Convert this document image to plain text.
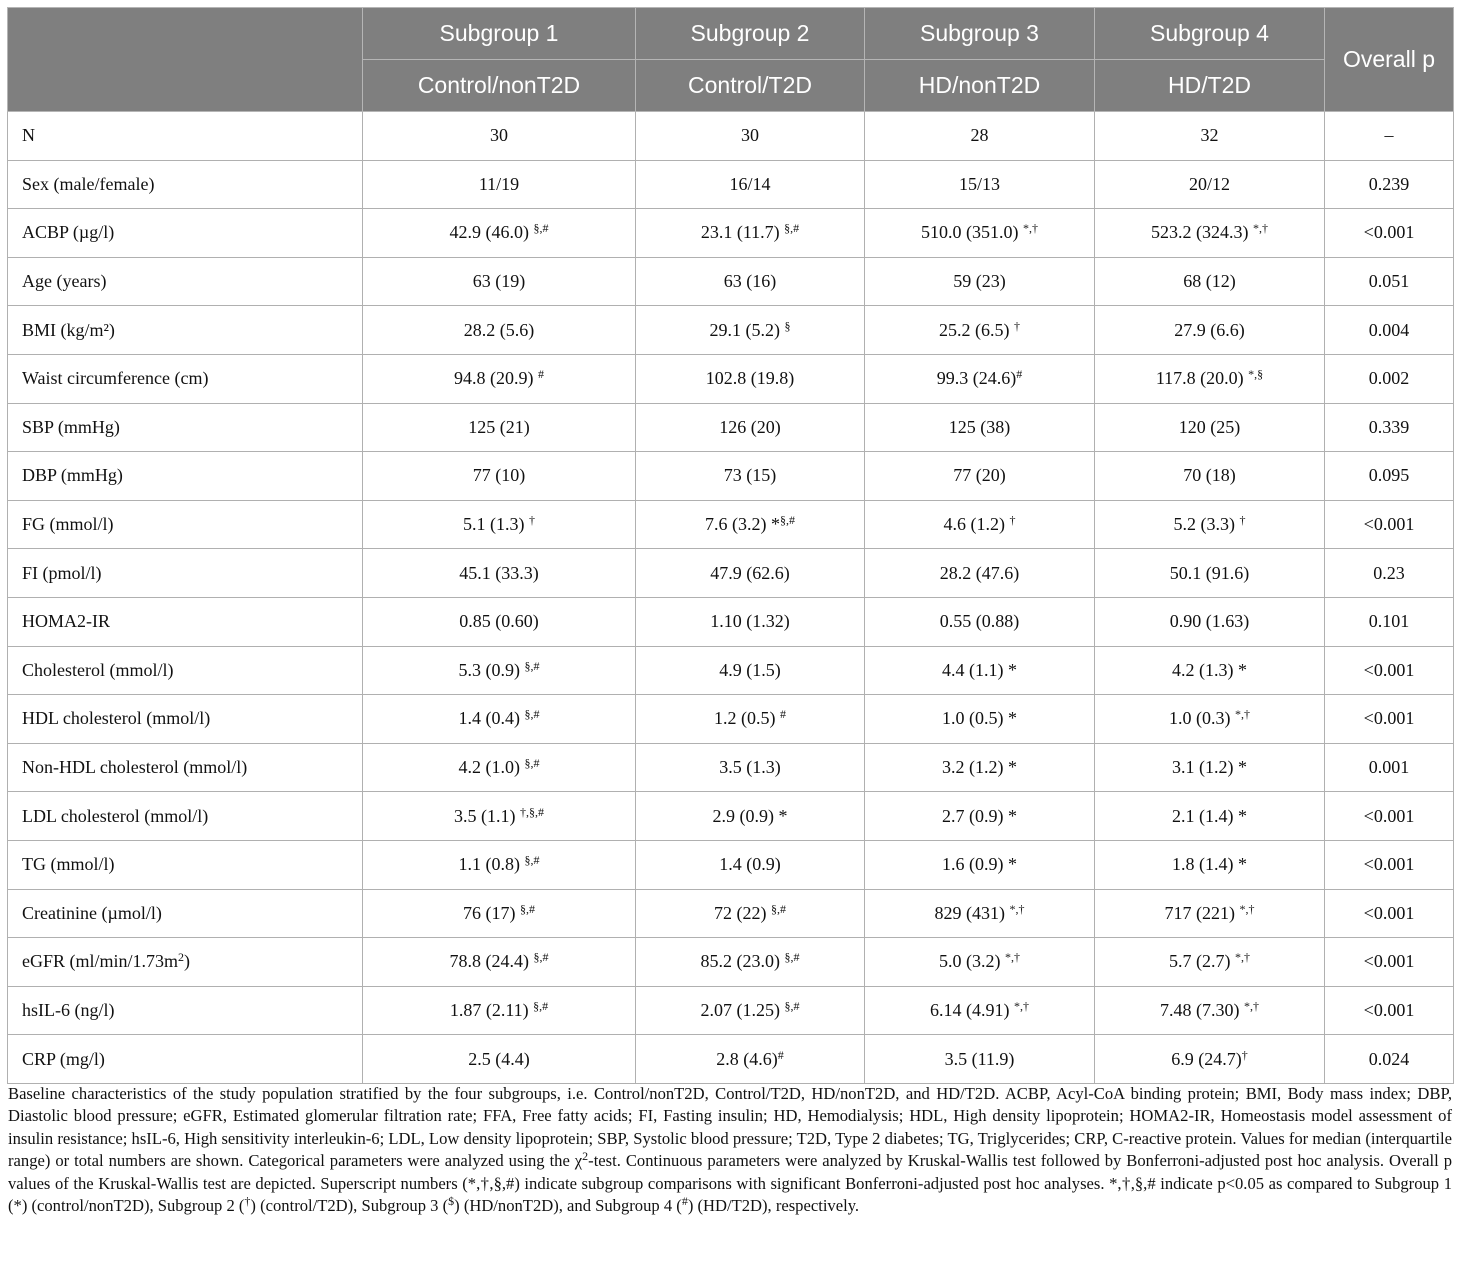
	Subgroup 1	Subgroup 2	Subgroup 3	Subgroup 4	Overall p
	Control/nonT2D	Control/T2D	HD/nonT2D	HD/T2D	
N	30	30	28	32	–
Sex (male/female)	11/19	16/14	15/13	20/12	0.239
ACBP (µg/l)	42.9 (46.0) §,#	23.1 (11.7) §,#	510.0 (351.0) *,†	523.2 (324.3) *,†	<0.001
Age (years)	63 (19)	63 (16)	59 (23)	68 (12)	0.051
BMI (kg/m²)	28.2 (5.6)	29.1 (5.2) §	25.2 (6.5) †	27.9 (6.6)	0.004
Waist circumference (cm)	94.8 (20.9) #	102.8 (19.8)	99.3 (24.6)#	117.8 (20.0) *,§	0.002
SBP (mmHg)	125 (21)	126 (20)	125 (38)	120 (25)	0.339
DBP (mmHg)	77 (10)	73 (15)	77 (20)	70 (18)	0.095
FG (mmol/l)	5.1 (1.3) †	7.6 (3.2) *§,#	4.6 (1.2) †	5.2 (3.3) †	<0.001
FI (pmol/l)	45.1 (33.3)	47.9 (62.6)	28.2 (47.6)	50.1 (91.6)	0.23
HOMA2-IR	0.85 (0.60)	1.10 (1.32)	0.55 (0.88)	0.90 (1.63)	0.101
Cholesterol (mmol/l)	5.3 (0.9) §,#	4.9 (1.5)	4.4 (1.1) *	4.2 (1.3) *	<0.001
HDL cholesterol (mmol/l)	1.4 (0.4) §,#	1.2 (0.5) #	1.0 (0.5) *	1.0 (0.3) *,†	<0.001
Non-HDL cholesterol (mmol/l)	4.2 (1.0) §,#	3.5 (1.3)	3.2 (1.2) *	3.1 (1.2) *	0.001
LDL cholesterol (mmol/l)	3.5 (1.1) †,§,#	2.9 (0.9) *	2.7 (0.9) *	2.1 (1.4) *	<0.001
TG (mmol/l)	1.1 (0.8) §,#	1.4 (0.9)	1.6 (0.9) *	1.8 (1.4) *	<0.001
Creatinine (µmol/l)	76 (17) §,#	72 (22) §,#	829 (431) *,†	717 (221) *,†	<0.001
eGFR $(ml/\min/1.73m^2)$	78.8 (24.4) §,#	85.2 (23.0) §,#	5.0 (3.2) *,†	5.7 (2.7) *,†	<0.001
hsIL-6 (ng/l)	1.87 (2.11) §,#	2.07 (1.25) §,#	6.14 (4.91) *,†	7.48 (7.30) *,†	<0.001
CRP (mg/l)	2.5 (4.4)	2.8 (4.6)#	3.5 (11.9)	6.9 (24.7)†	0.024
Baseline characteristics of the study population stratified by the four subgroups, i.e. Control/nonT2D, Control/T2D, HD/nonT2D, and HD/T2D. ACBP, Acyl-CoA binding protein; BMI, Body mass index; DBP, Diastolic blood pressure; eGFR, Estimated glomerular filtration rate; FFA, Free fatty acids; FI, Fasting insulin; HD, Hemodialysis; HDL, High density lipoprotein; HOMA2-IR, Homeostasis model assessment of insulin resistance; hsIL-6, High sensitivity interleukin-6; LDL, Low density lipoprotein; SBP, Systolic blood pressure; T2D, Type 2 diabetes; TG, Triglycerides; CRP, C-reactive protein. Values for median (interquartile range) or total numbers are shown. Categorical parameters were analyzed using the $\chi^2$-test. Continuous parameters were analyzed by Kruskal-Wallis test followed by Bonferroni-adjusted post hoc analysis. Overall p values of the Kruskal-Wallis test are depicted. Superscript numbers (*,†,§,#) indicate subgroup comparisons with significant Bonferroni-adjusted post hoc analyses. *,†,§,# indicate p<0.05 as compared to Subgroup 1 (*) (control/nonT2D), Subgroup 2 (†) (control/T2D), Subgroup 3 ($) (HD/nonT2D), and Subgroup 4 (#) (HD/T2D), respectively.
